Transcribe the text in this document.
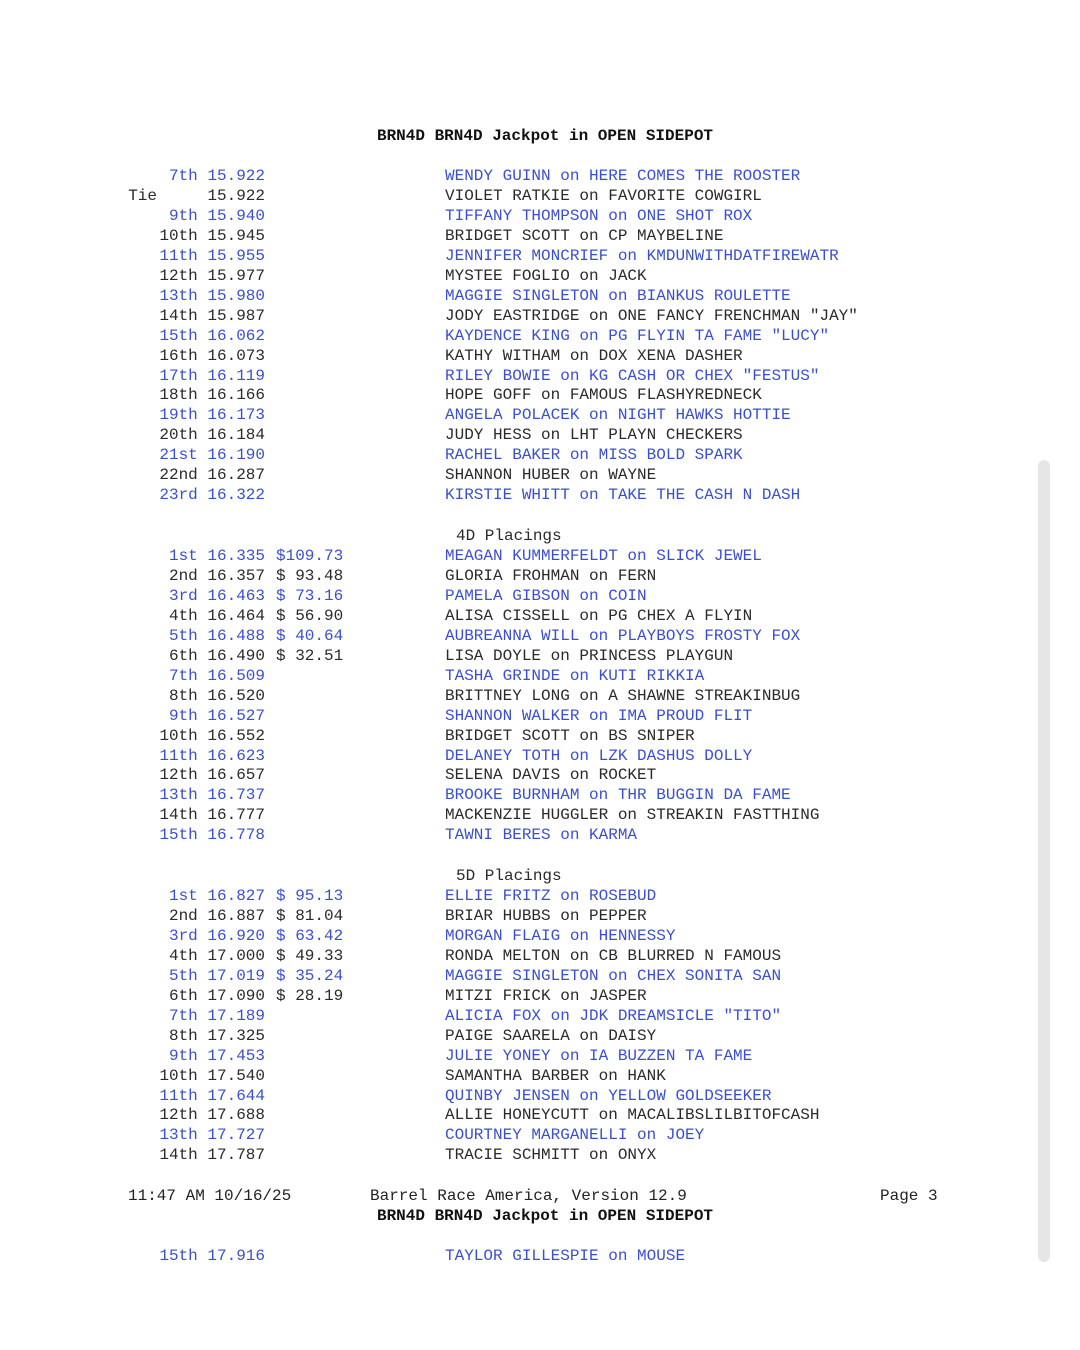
BRN4D BRN4D Jackpot in OPEN SIDEPOT
7th 15.922	WENDY GUINN on HERE COMES THE ROOSTER
Tie	15.922	VIOLET RATKIE on FAVORITE COWGIRL
9th 15.940	TIFFANY THOMPSON on ONE SHOT ROX
10th 15.945	BRIDGET SCOTT on CP MAYBELINE
11th 15.955	JENNIFER MONCRIEF on KMDUNWITHDATFIREWATR
12th 15.977	MYSTEE FOGLIO on JACK
13th 15.980	MAGGIE SINGLETON on BIANKUS ROULETTE
14th 15.987	JODY EASTRIDGE on ONE FANCY FRENCHMAN "JAY"
15th 16.062	KAYDENCE KING on PG FLYIN TA FAME "LUCY"
16th 16.073	KATHY WITHAM on DOX XENA DASHER
17th 16.119	RILEY BOWIE on KG CASH OR CHEX "FESTUS"
18th 16.166	HOPE GOFF on FAMOUS FLASHYREDNECK
19th 16.173	ANGELA POLACEK on NIGHT HAWKS HOTTIE
20th 16.184	JUDY HESS on LHT PLAYN CHECKERS
21st 16.190	RACHEL BAKER on MISS BOLD SPARK
22nd 16.287	SHANNON HUBER on WAYNE
23rd 16.322	KIRSTIE WHITT on TAKE THE CASH N DASH
4D Placings
1st 16.335 $109.73	MEAGAN KUMMERFELDT on SLICK JEWEL
2nd 16.357 $ 93.48	GLORIA FROHMAN on FERN
3rd 16.463 $ 73.16	PAMELA GIBSON on COIN
4th 16.464 $ 56.90	ALISA CISSELL on PG CHEX A FLYIN
5th 16.488 $ 40.64	AUBREANNA WILL on PLAYBOYS FROSTY FOX
6th 16.490 $ 32.51	LISA DOYLE on PRINCESS PLAYGUN
7th 16.509	TASHA GRINDE on KUTI RIKKIA
8th 16.520	BRITTNEY LONG on A SHAWNE STREAKINBUG
9th 16.527	SHANNON WALKER on IMA PROUD FLIT
10th 16.552	BRIDGET SCOTT on BS SNIPER
11th 16.623	DELANEY TOTH on LZK DASHUS DOLLY
12th 16.657	SELENA DAVIS on ROCKET
13th 16.737	BROOKE BURNHAM on THR BUGGIN DA FAME
14th 16.777	MACKENZIE HUGGLER on STREAKIN FASTTHING
15th 16.778	TAWNI BERES on KARMA
5D Placings
1st 16.827 $ 95.13	ELLIE FRITZ on ROSEBUD
2nd 16.887 $ 81.04	BRIAR HUBBS on PEPPER
3rd 16.920 $ 63.42	MORGAN FLAIG on HENNESSY
4th 17.000 $ 49.33	RONDA MELTON on CB BLURRED N FAMOUS
5th 17.019 $ 35.24	MAGGIE SINGLETON on CHEX SONITA SAN
6th 17.090 $ 28.19	MITZI FRICK on JASPER
7th 17.189	ALICIA FOX on JDK DREAMSICLE "TITO"
8th 17.325	PAIGE SAARELA on DAISY
9th 17.453	JULIE YONEY on IA BUZZEN TA FAME
10th 17.540	SAMANTHA BARBER on HANK
11th 17.644	QUINBY JENSEN on YELLOW GOLDSEEKER
12th 17.688	ALLIE HONEYCUTT on MACALIBSLILBITOFCASH
13th 17.727	COURTNEY MARGANELLI on JOEY
14th 17.787	TRACIE SCHMITT on ONYX
11:47 AM 10/16/25	Barrel Race America, Version 12.9	Page 3
BRN4D BRN4D Jackpot in OPEN SIDEPOT
15th 17.916	TAYLOR GILLESPIE on MOUSE
